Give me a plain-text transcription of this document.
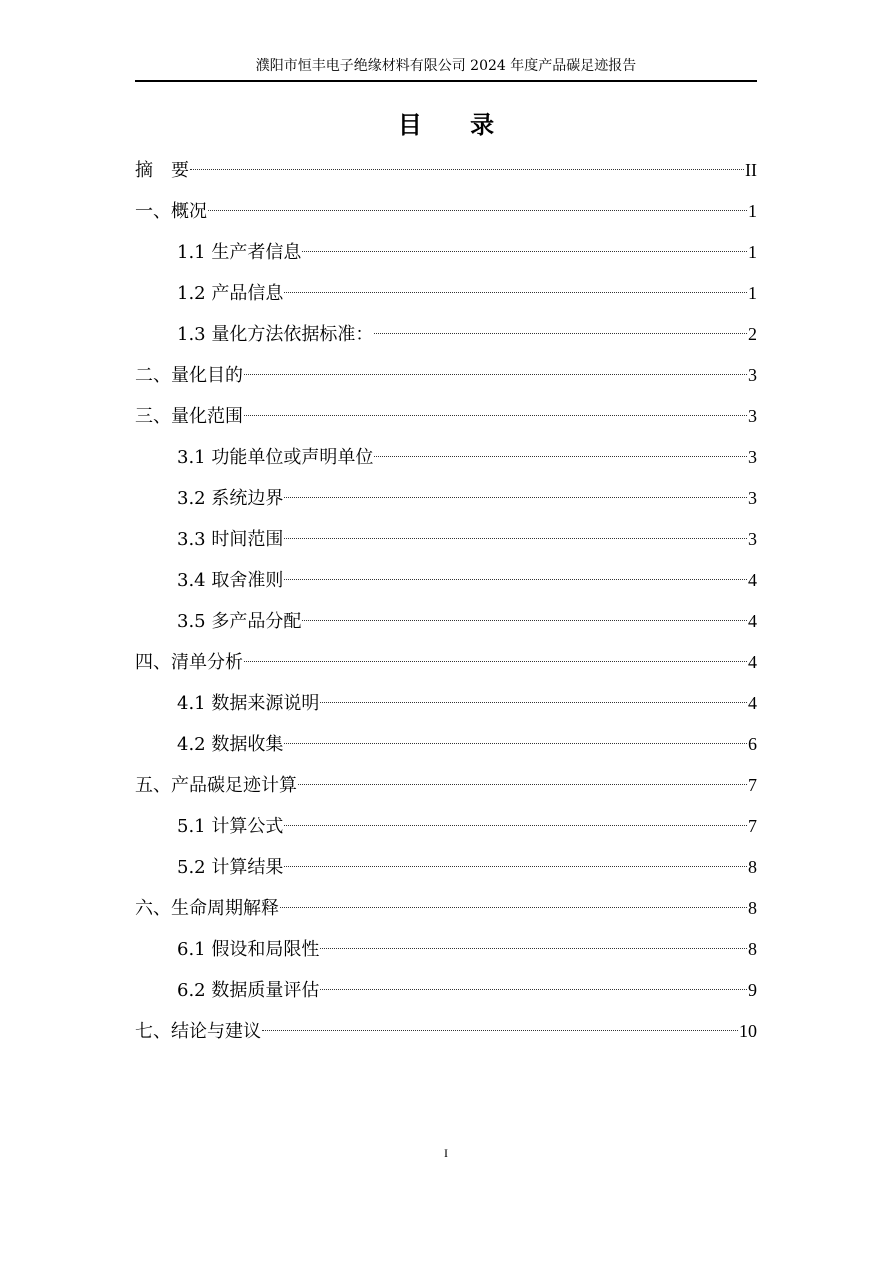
濮阳市恒丰电子绝缘材料有限公司 2024 年度产品碳足迹报告
目 录
摘　要	II
一、概况	1
1.1 生产者信息	1
1.2 产品信息	1
1.3 量化方法依据标准：	2
二、量化目的	3
三、量化范围	3
3.1 功能单位或声明单位	3
3.2 系统边界	3
3.3 时间范围	3
3.4 取舍准则	4
3.5 多产品分配	4
四、清单分析	4
4.1 数据来源说明	4
4.2 数据收集	6
五、产品碳足迹计算	7
5.1 计算公式	7
5.2 计算结果	8
六、生命周期解释	8
6.1 假设和局限性	8
6.2 数据质量评估	9
七、结论与建议	10
I
